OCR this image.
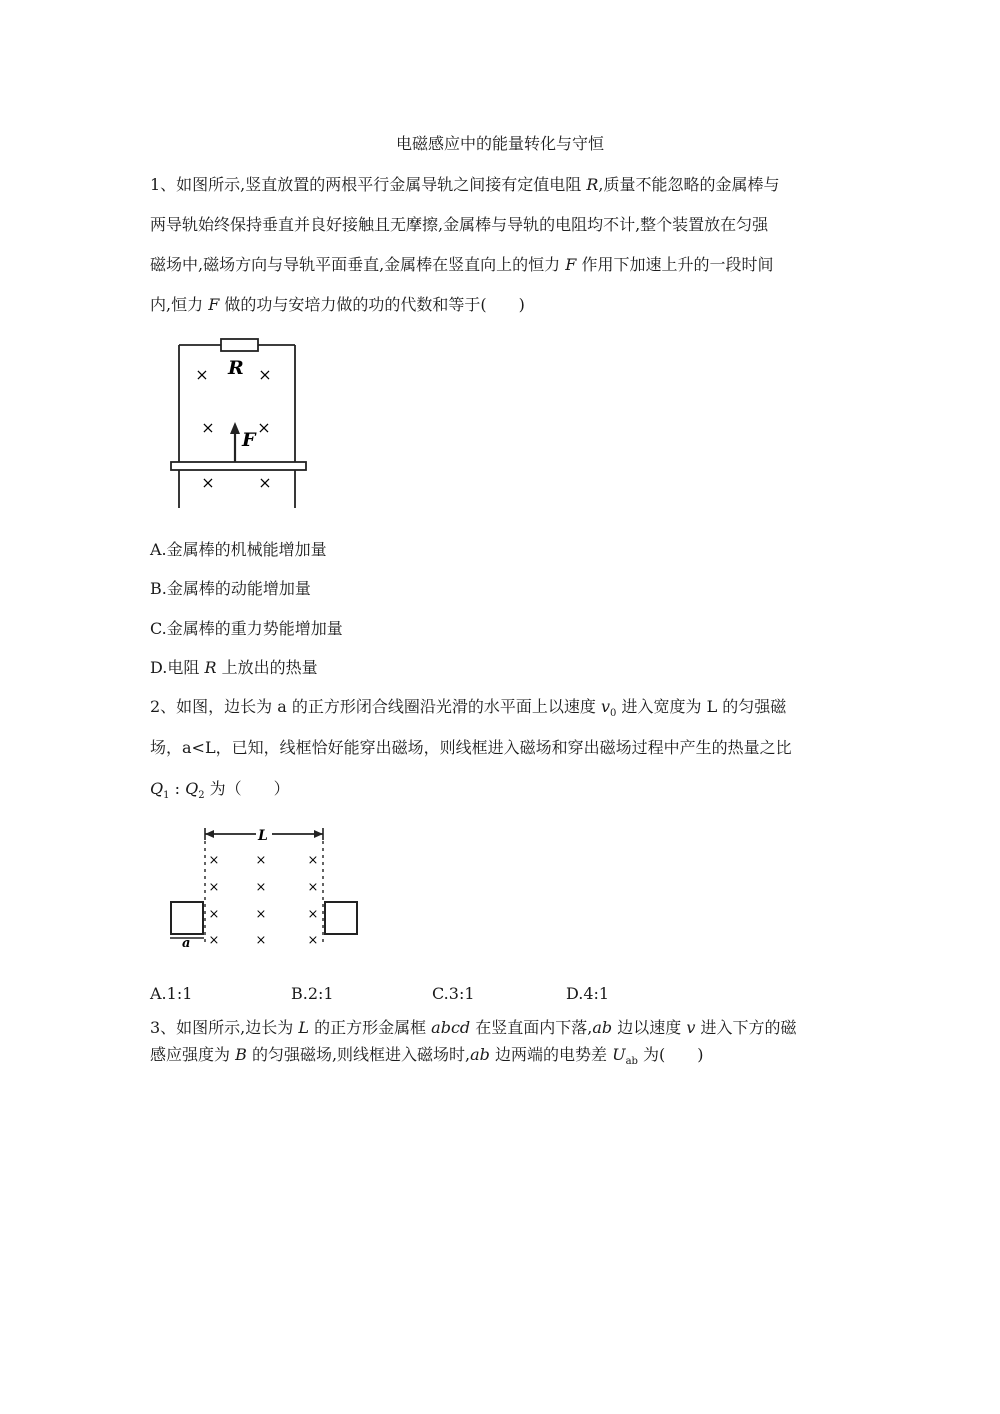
电磁感应中的能量转化与守恒
1、如图所示,竖直放置的两根平行金属导轨之间接有定值电阻 R,质量不能忽略的金属棒与
两导轨始终保持垂直并良好接触且无摩擦,金属棒与导轨的电阻均不计,整个装置放在匀强
磁场中,磁场方向与导轨平面垂直,金属棒在竖直向上的恒力 F 作用下加速上升的一段时间
内,恒力 F 做的功与安培力做的功的代数和等于(　　)
R
×	×
×	×
×	×
F
A.金属棒的机械能增加量
B.金属棒的动能增加量
C.金属棒的重力势能增加量
D.电阻 R 上放出的热量
2、如图，边长为 a 的正方形闭合线圈沿光滑的水平面上以速度 $v_0$ 进入宽度为 L 的匀强磁
场，a<L，已知，线框恰好能穿出磁场，则线框进入磁场和穿出磁场过程中产生的热量之比
$Q_1$ : $Q_2$ 为（　　）
L
×	×	×
×	×	×
×	×	×
×	×	×
a
A.1:1	B.2:1	C.3:1	D.4:1
3、如图所示,边长为 L 的正方形金属框 abcd 在竖直面内下落,ab 边以速度 v 进入下方的磁
感应强度为 B 的匀强磁场,则线框进入磁场时,ab 边两端的电势差 $U_{ab}$ 为(　　)
